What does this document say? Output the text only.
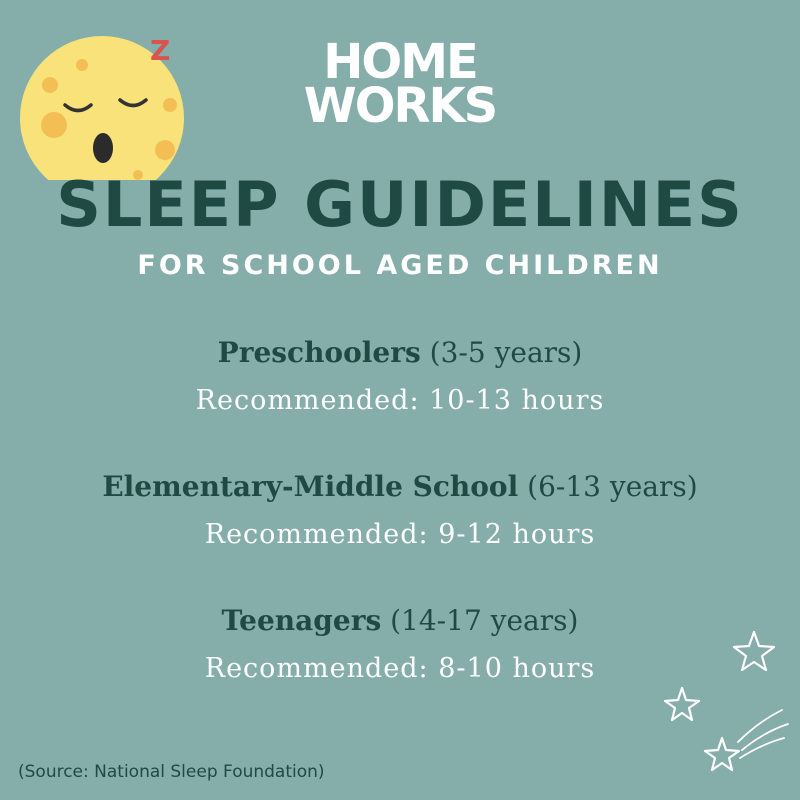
Z	HOME
WORKS
SLEEP GUIDELINES
FOR SCHOOL AGED CHILDREN

Preschoolers (3-5 years)

Recommended: 10-13 hours

Elementary-Middle School (6-13 years)

Recommended: 9-12 hours

Teenagers (14-17 years)

Recommended: 8-10 hours

(Source: National Sleep Foundation)
